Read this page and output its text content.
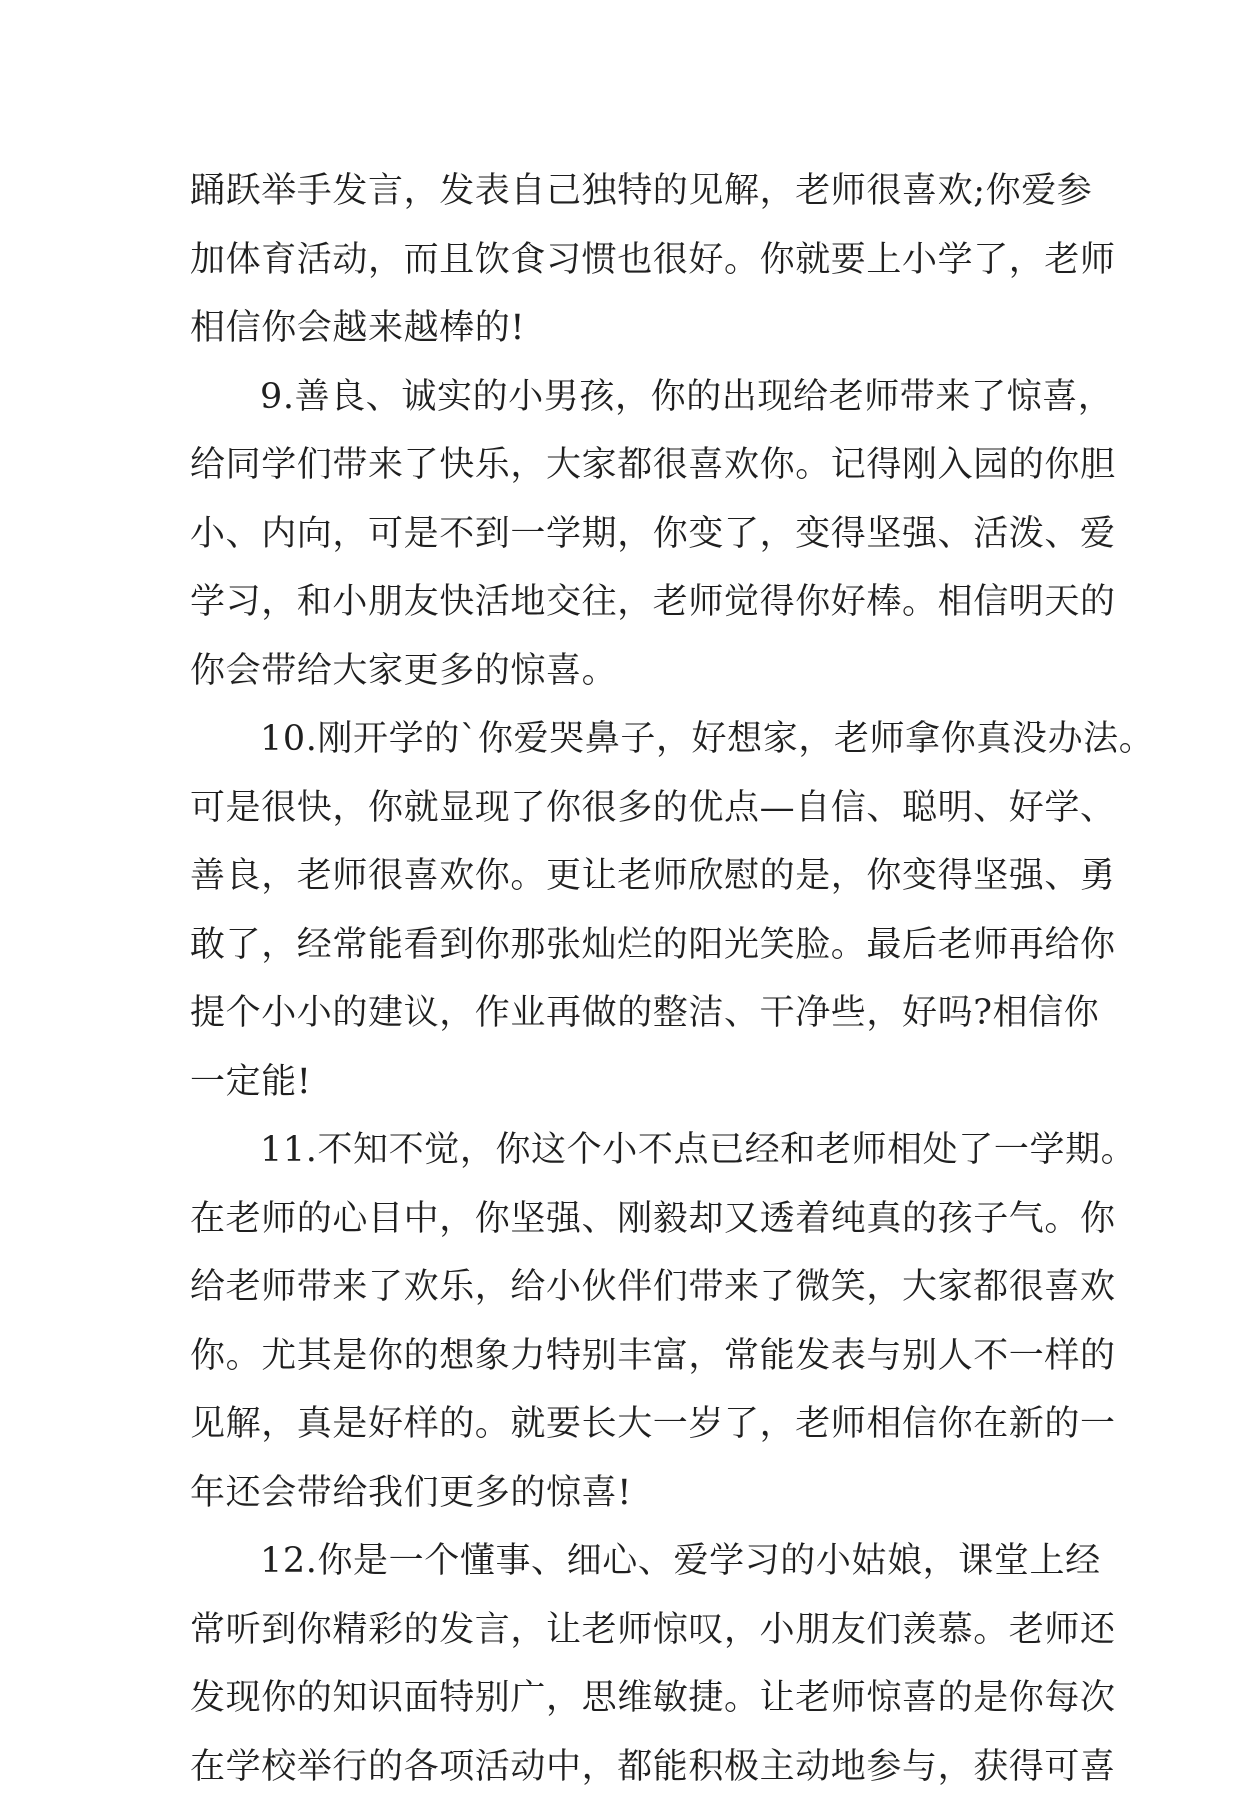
踊跃举手发言，发表自己独特的见解，老师很喜欢;你爱参
加体育活动，而且饮食习惯也很好。你就要上小学了，老师
相信你会越来越棒的!
9.善良、诚实的小男孩，你的出现给老师带来了惊喜，
给同学们带来了快乐，大家都很喜欢你。记得刚入园的你胆
小、内向，可是不到一学期，你变了，变得坚强、活泼、爱
学习，和小朋友快活地交往，老师觉得你好棒。相信明天的
你会带给大家更多的惊喜。
10.刚开学的`你爱哭鼻子，好想家，老师拿你真没办法。
可是很快，你就显现了你很多的优点—自信、聪明、好学、
善良，老师很喜欢你。更让老师欣慰的是，你变得坚强、勇
敢了，经常能看到你那张灿烂的阳光笑脸。最后老师再给你
提个小小的建议，作业再做的整洁、干净些，好吗?相信你
一定能!
11.不知不觉，你这个小不点已经和老师相处了一学期。
在老师的心目中，你坚强、刚毅却又透着纯真的孩子气。你
给老师带来了欢乐，给小伙伴们带来了微笑，大家都很喜欢
你。尤其是你的想象力特别丰富，常能发表与别人不一样的
见解，真是好样的。就要长大一岁了，老师相信你在新的一
年还会带给我们更多的惊喜!
12.你是一个懂事、细心、爱学习的小姑娘，课堂上经
常听到你精彩的发言，让老师惊叹，小朋友们羡慕。老师还
发现你的知识面特别广，思维敏捷。让老师惊喜的是你每次
在学校举行的各项活动中，都能积极主动地参与，获得可喜
